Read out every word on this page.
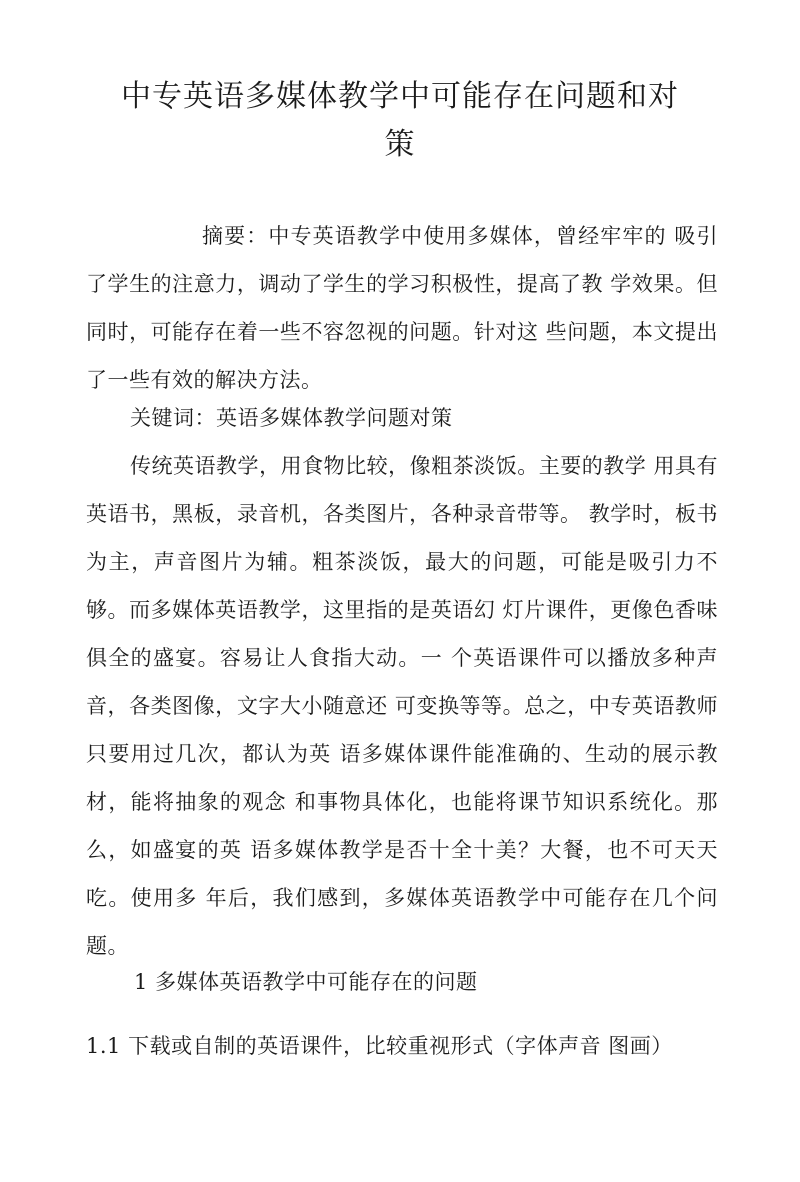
中专英语多媒体教学中可能存在问题和对
策
摘要：中专英语教学中使用多媒体，曾经牢牢的 吸引了学生的注意力，调动了学生的学习积极性，提高了教 学效果。但同时，可能存在着一些不容忽视的问题。针对这 些问题，本文提出了一些有效的解决方法。
关键词：英语多媒体教学问题对策
传统英语教学，用食物比较，像粗茶淡饭。主要的教学 用具有英语书，黑板，录音机，各类图片，各种录音带等。 教学时，板书为主，声音图片为辅。粗茶淡饭，最大的问题，可能是吸引力不够。而多媒体英语教学，这里指的是英语幻 灯片课件，更像色香味俱全的盛宴。容易让人食指大动。一 个英语课件可以播放多种声音，各类图像，文字大小随意还 可变换等等。总之，中专英语教师只要用过几次，都认为英 语多媒体课件能准确的、生动的展示教材，能将抽象的观念 和事物具体化，也能将课节知识系统化。那么，如盛宴的英 语多媒体教学是否十全十美？大餐，也不可天天吃。使用多 年后，我们感到，多媒体英语教学中可能存在几个问题。
1 多媒体英语教学中可能存在的问题
1.1 下载或自制的英语课件，比较重视形式（字体声音 图画）
